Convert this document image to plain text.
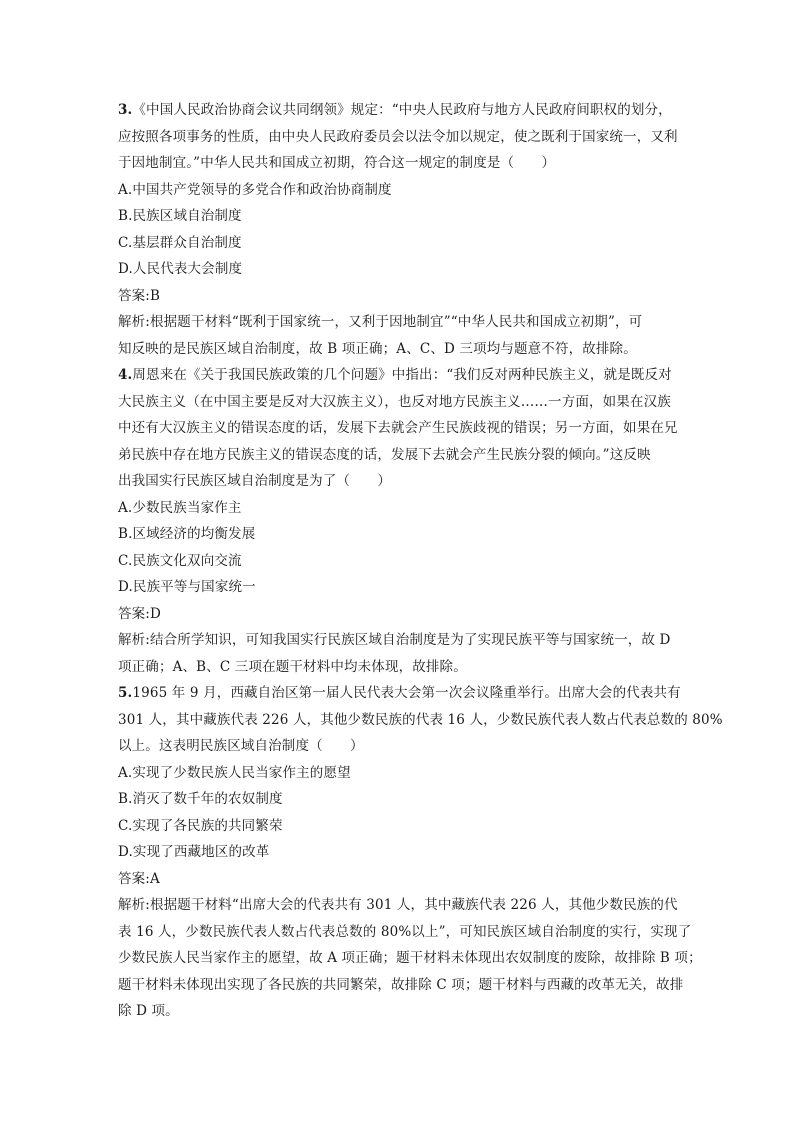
3.《中国人民政治协商会议共同纲领》规定：“中央人民政府与地方人民政府间职权的划分，
应按照各项事务的性质，由中央人民政府委员会以法令加以规定，使之既利于国家统一，又利
于因地制宜。”中华人民共和国成立初期，符合这一规定的制度是（　　）
A.中国共产党领导的多党合作和政治协商制度
B.民族区域自治制度
C.基层群众自治制度
D.人民代表大会制度
答案:B
解析:根据题干材料“既利于国家统一，又利于因地制宜”“中华人民共和国成立初期”，可
知反映的是民族区域自治制度，故 B 项正确；A、C、D 三项均与题意不符，故排除。
4.周恩来在《关于我国民族政策的几个问题》中指出：“我们反对两种民族主义，就是既反对
大民族主义（在中国主要是反对大汉族主义），也反对地方民族主义……一方面，如果在汉族
中还有大汉族主义的错误态度的话，发展下去就会产生民族歧视的错误；另一方面，如果在兄
弟民族中存在地方民族主义的错误态度的话，发展下去就会产生民族分裂的倾向。”这反映
出我国实行民族区域自治制度是为了（　　）
A.少数民族当家作主
B.区域经济的均衡发展
C.民族文化双向交流
D.民族平等与国家统一
答案:D
解析:结合所学知识，可知我国实行民族区域自治制度是为了实现民族平等与国家统一，故 D
项正确；A、B、C 三项在题干材料中均未体现，故排除。
5.1965 年 9 月，西藏自治区第一届人民代表大会第一次会议隆重举行。出席大会的代表共有
301 人，其中藏族代表 226 人，其他少数民族的代表 16 人，少数民族代表人数占代表总数的 80%
以上。这表明民族区域自治制度（　　）
A.实现了少数民族人民当家作主的愿望
B.消灭了数千年的农奴制度
C.实现了各民族的共同繁荣
D.实现了西藏地区的改革
答案:A
解析:根据题干材料“出席大会的代表共有 301 人，其中藏族代表 226 人，其他少数民族的代
表 16 人，少数民族代表人数占代表总数的 80%以上”，可知民族区域自治制度的实行，实现了
少数民族人民当家作主的愿望，故 A 项正确；题干材料未体现出农奴制度的废除，故排除 B 项；
题干材料未体现出实现了各民族的共同繁荣，故排除 C 项；题干材料与西藏的改革无关，故排
除 D 项。
